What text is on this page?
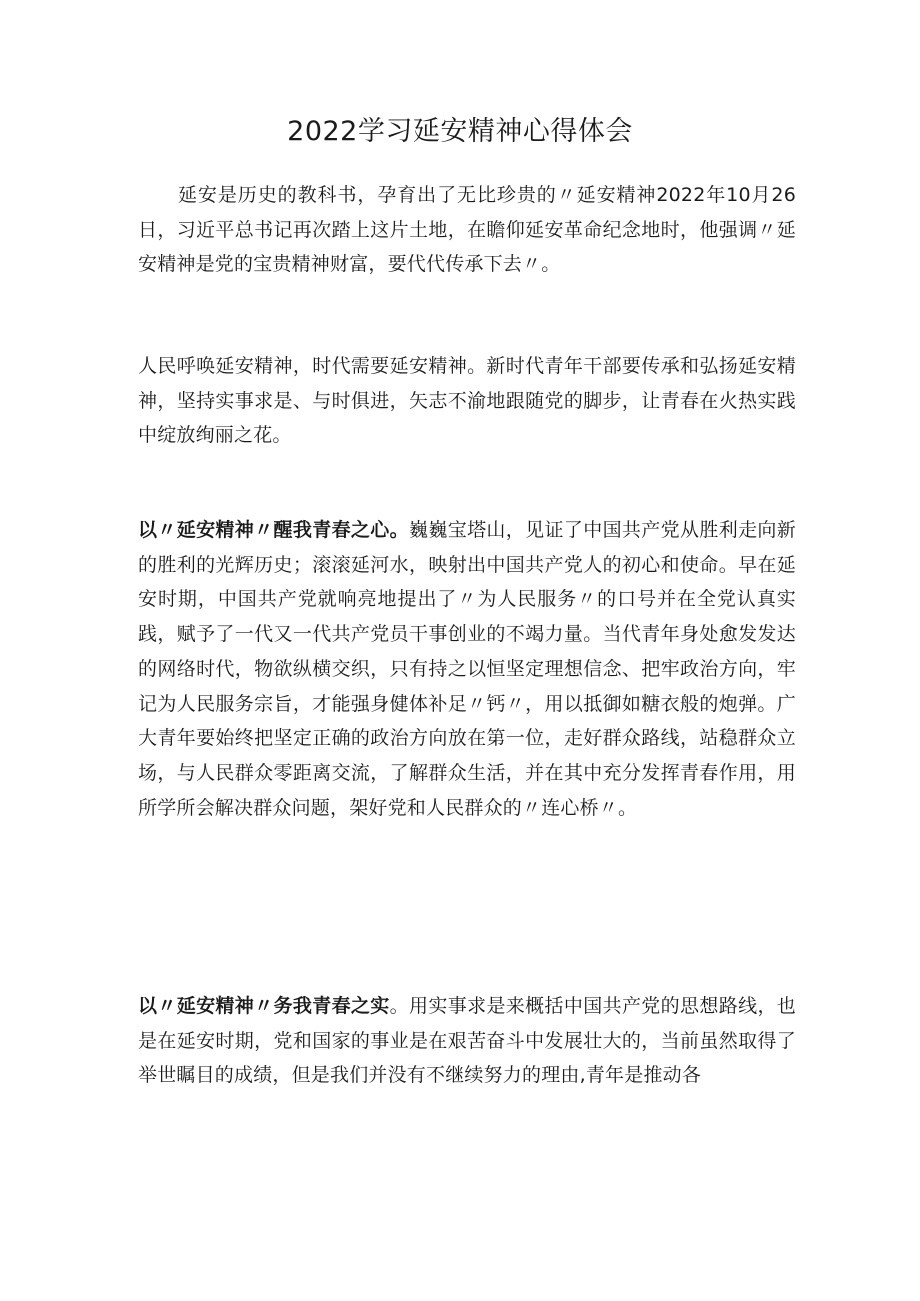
2022学习延安精神心得体会

延安是历史的教科书，孕育出了无比珍贵的〃延安精神2022年10月26日，习近平总书记再次踏上这片土地，在瞻仰延安革命纪念地时，他强调〃延安精神是党的宝贵精神财富，要代代传承下去〃。

人民呼唤延安精神，时代需要延安精神。新时代青年干部要传承和弘扬延安精神，坚持实事求是、与时俱进，矢志不渝地跟随党的脚步，让青春在火热实践中绽放绚丽之花。

以〃延安精神〃醒我青春之心。巍巍宝塔山，见证了中国共产党从胜利走向新的胜利的光辉历史；滚滚延河水，映射出中国共产党人的初心和使命。早在延安时期，中国共产党就响亮地提出了〃为人民服务〃的口号并在全党认真实践，赋予了一代又一代共产党员干事创业的不竭力量。当代青年身处愈发发达的网络时代，物欲纵横交织，只有持之以恒坚定理想信念、把牢政治方向，牢记为人民服务宗旨，才能强身健体补足〃钙〃，用以抵御如糖衣般的炮弹。广大青年要始终把坚定正确的政治方向放在第一位，走好群众路线，站稳群众立场，与人民群众零距离交流，了解群众生活，并在其中充分发挥青春作用，用所学所会解决群众问题，架好党和人民群众的〃连心桥〃。

以〃延安精神〃务我青春之实。用实事求是来概括中国共产党的思想路线，也是在延安时期，党和国家的事业是在艰苦奋斗中发展壮大的，当前虽然取得了举世瞩目的成绩，但是我们并没有不继续努力的理由,青年是推动各
